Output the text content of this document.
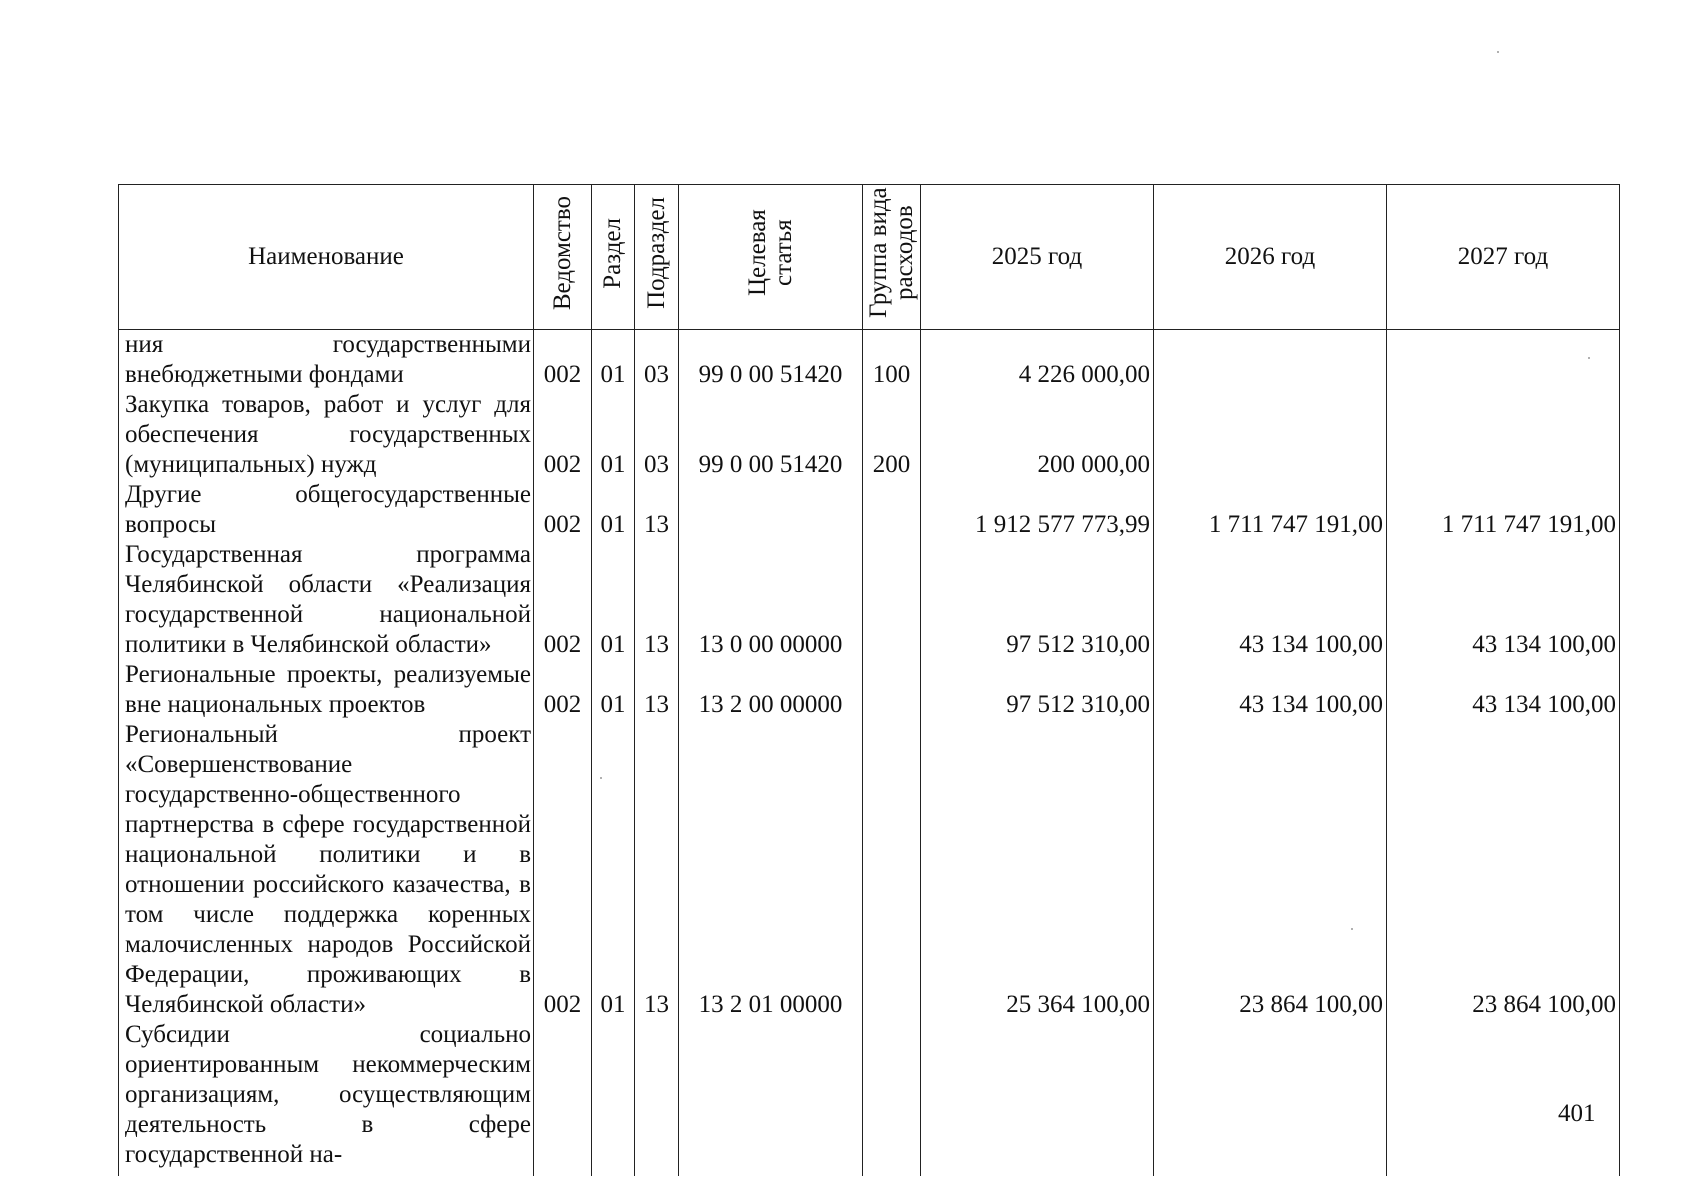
Наименование	Ведомство	Раздел	Подраздел	Целевая статья	Группа вида расходов	2025 год	2026 год	2027 год
ния государственными внебюджетными фондами	002	01	03	99 0 00 51420	100	4 226 000,00		
Закупка товаров, работ и услуг для обеспечения государственных (муниципальных) нужд	002	01	03	99 0 00 51420	200	200 000,00		
Другие общегосударственные вопросы	002	01	13			1 912 577 773,99	1 711 747 191,00	1 711 747 191,00
Государственная программа Челябинской области «Реализация государственной национальной политики в Челябинской области»	002	01	13	13 0 00 00000		97 512 310,00	43 134 100,00	43 134 100,00
Региональные проекты, реализуемые вне национальных проектов	002	01	13	13 2 00 00000		97 512 310,00	43 134 100,00	43 134 100,00
Региональный проект «Совершенствование государственно-общественного партнерства в сфере государственной национальной политики и в отношении российского казачества, в том числе поддержка коренных малочисленных народов Российской Федерации, проживающих в Челябинской области»	002	01	13	13 2 01 00000		25 364 100,00	23 864 100,00	23 864 100,00
Субсидии социально ориентированным некоммерческим организациям, осуществляющим деятельность в сфере государственной на-								
401
